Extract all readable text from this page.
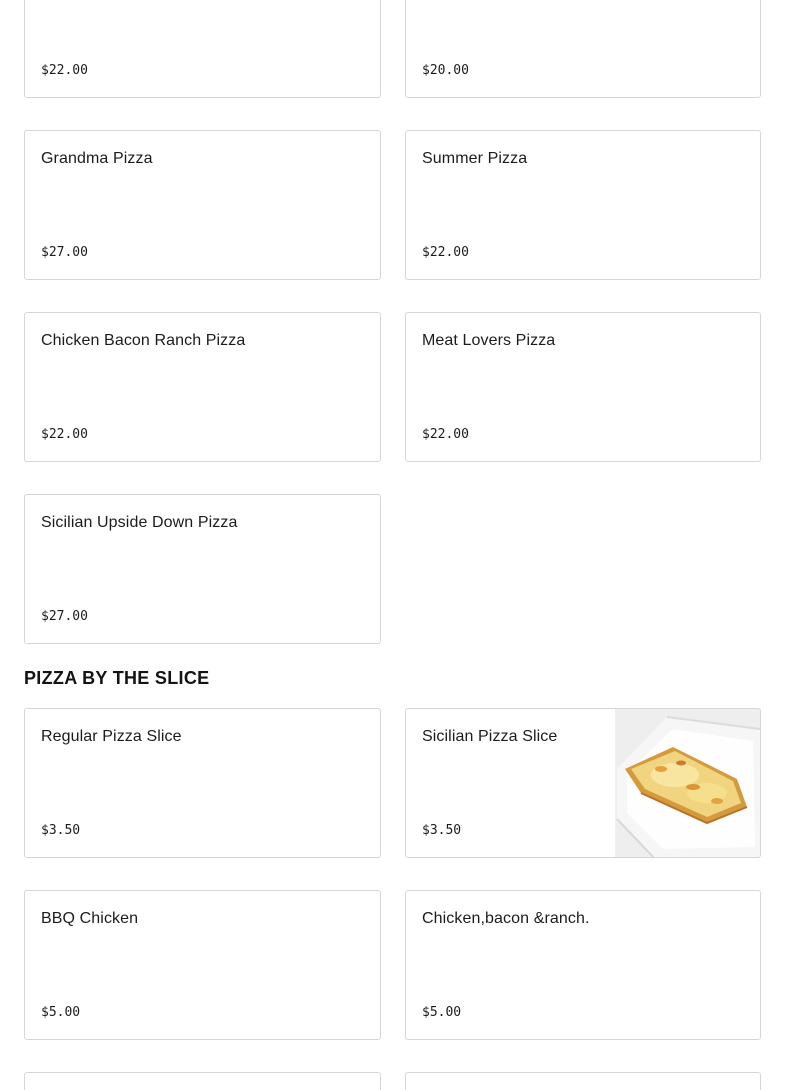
$22.00	$20.00
Grandma Pizza
$27.00
Summer Pizza
$22.00
Chicken Bacon Ranch Pizza
$22.00
Meat Lovers Pizza
$22.00
Sicilian Upside Down Pizza
$27.00
PIZZA BY THE SLICE
Regular Pizza Slice
$3.50
Sicilian Pizza Slice
$3.50
BBQ Chicken
$5.00
Chicken,bacon &ranch.
$5.00
